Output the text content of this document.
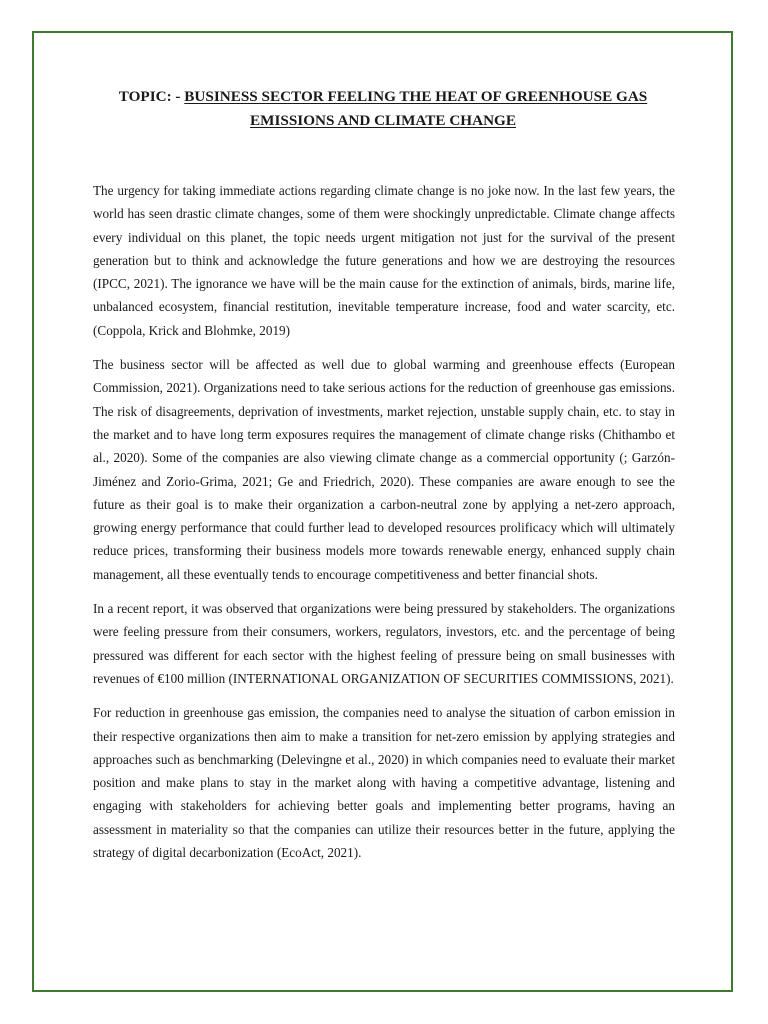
TOPIC: - BUSINESS SECTOR FEELING THE HEAT OF GREENHOUSE GAS
EMISSIONS AND CLIMATE CHANGE

The urgency for taking immediate actions regarding climate change is no joke now. In the last few years, the world has seen drastic climate changes, some of them were shockingly unpredictable. Climate change affects every individual on this planet, the topic needs urgent mitigation not just for the survival of the present generation but to think and acknowledge the future generations and how we are destroying the resources (IPCC, 2021). The ignorance we have will be the main cause for the extinction of animals, birds, marine life, unbalanced ecosystem, financial restitution, inevitable temperature increase, food and water scarcity, etc. (Coppola, Krick and Blohmke, 2019)

The business sector will be affected as well due to global warming and greenhouse effects (European Commission, 2021). Organizations need to take serious actions for the reduction of greenhouse gas emissions. The risk of disagreements, deprivation of investments, market rejection, unstable supply chain, etc. to stay in the market and to have long term exposures requires the management of climate change risks (Chithambo et al., 2020). Some of the companies are also viewing climate change as a commercial opportunity (; Garzón-Jiménez and Zorio-Grima, 2021; Ge and Friedrich, 2020). These companies are aware enough to see the future as their goal is to make their organization a carbon-neutral zone by applying a net-zero approach, growing energy performance that could further lead to developed resources prolificacy which will ultimately reduce prices, transforming their business models more towards renewable energy, enhanced supply chain management, all these eventually tends to encourage competitiveness and better financial shots.

In a recent report, it was observed that organizations were being pressured by stakeholders. The organizations were feeling pressure from their consumers, workers, regulators, investors, etc. and the percentage of being pressured was different for each sector with the highest feeling of pressure being on small businesses with revenues of €100 million (INTERNATIONAL ORGANIZATION OF SECURITIES COMMISSIONS, 2021).

For reduction in greenhouse gas emission, the companies need to analyse the situation of carbon emission in their respective organizations then aim to make a transition for net-zero emission by applying strategies and approaches such as benchmarking (Delevingne et al., 2020) in which companies need to evaluate their market position and make plans to stay in the market along with having a competitive advantage, listening and engaging with stakeholders for achieving better goals and implementing better programs, having an assessment in materiality so that the companies can utilize their resources better in the future, applying the strategy of digital decarbonization (EcoAct, 2021).
